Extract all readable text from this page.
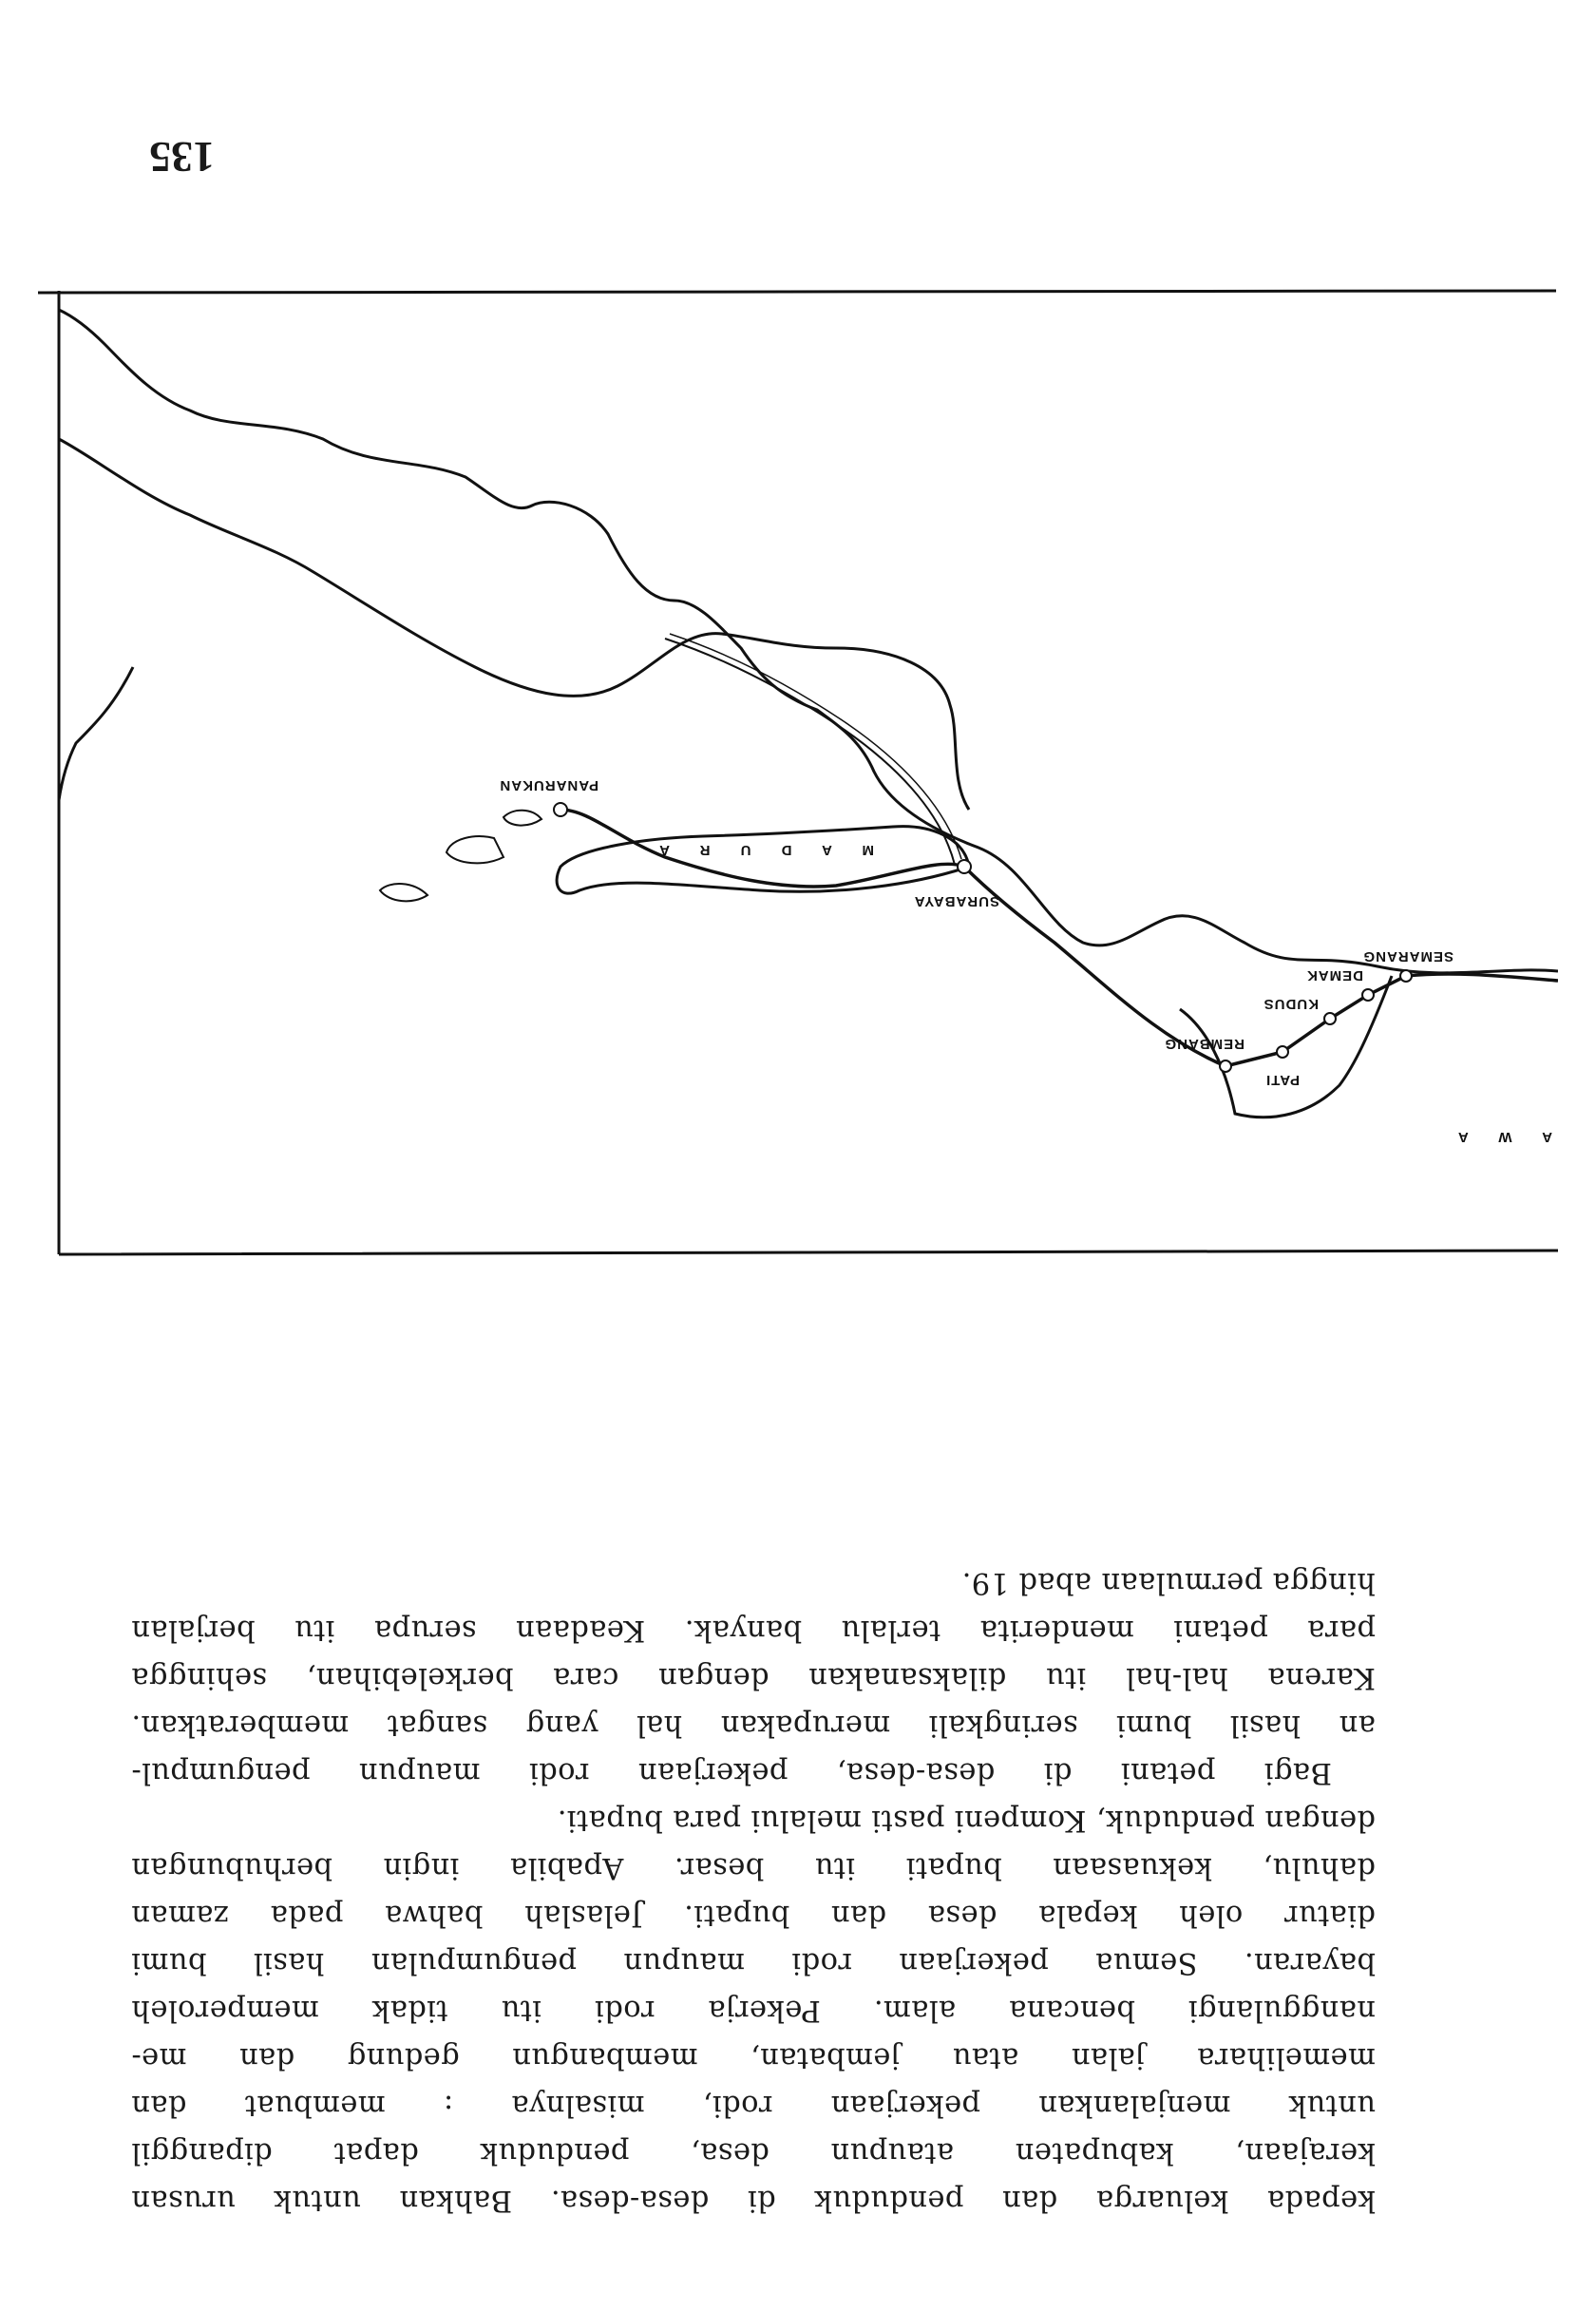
135
A W A
M A D U R A
SEMARANG
DEMAK
KUDUS
PATI
REMBANG
SURABAYA
PANARUKAN

kepada keluarga dan penduduk di desa-desa. Bahkan untuk urusan

kerajaan, kabupaten ataupun desa, penduduk dapat dipanggil

untuk menjalankan pekerjaan rodi, misalnya : membuat dan

memelihara jalan atau jembatan, membangun gedung dan me-

nanggulangi bencana alam. Pekerja rodi itu tidak memperoleh

bayaran. Semua pekerjaan rodi maupun pengumpulan hasil bumi

diatur oleh kepala desa dan bupati. Jelaslah bahwa pada zaman

dahulu, kekuasaan bupati itu besar. Apabila ingin berhubungan

dengan penduduk, Kompeni pasti melalui para bupati.

Bagi petani di desa-desa, pekerjaan rodi maupun pengumpul-

an hasil bumi seringkali merupakan hal yang sangat memberatkan.

Karena hal-hal itu dilaksanakan dengan cara berkelebihan, sehingga

para petani menderita terlalu banyak. Keadaan serupa itu berjalan

hingga permulaan abad 19.
